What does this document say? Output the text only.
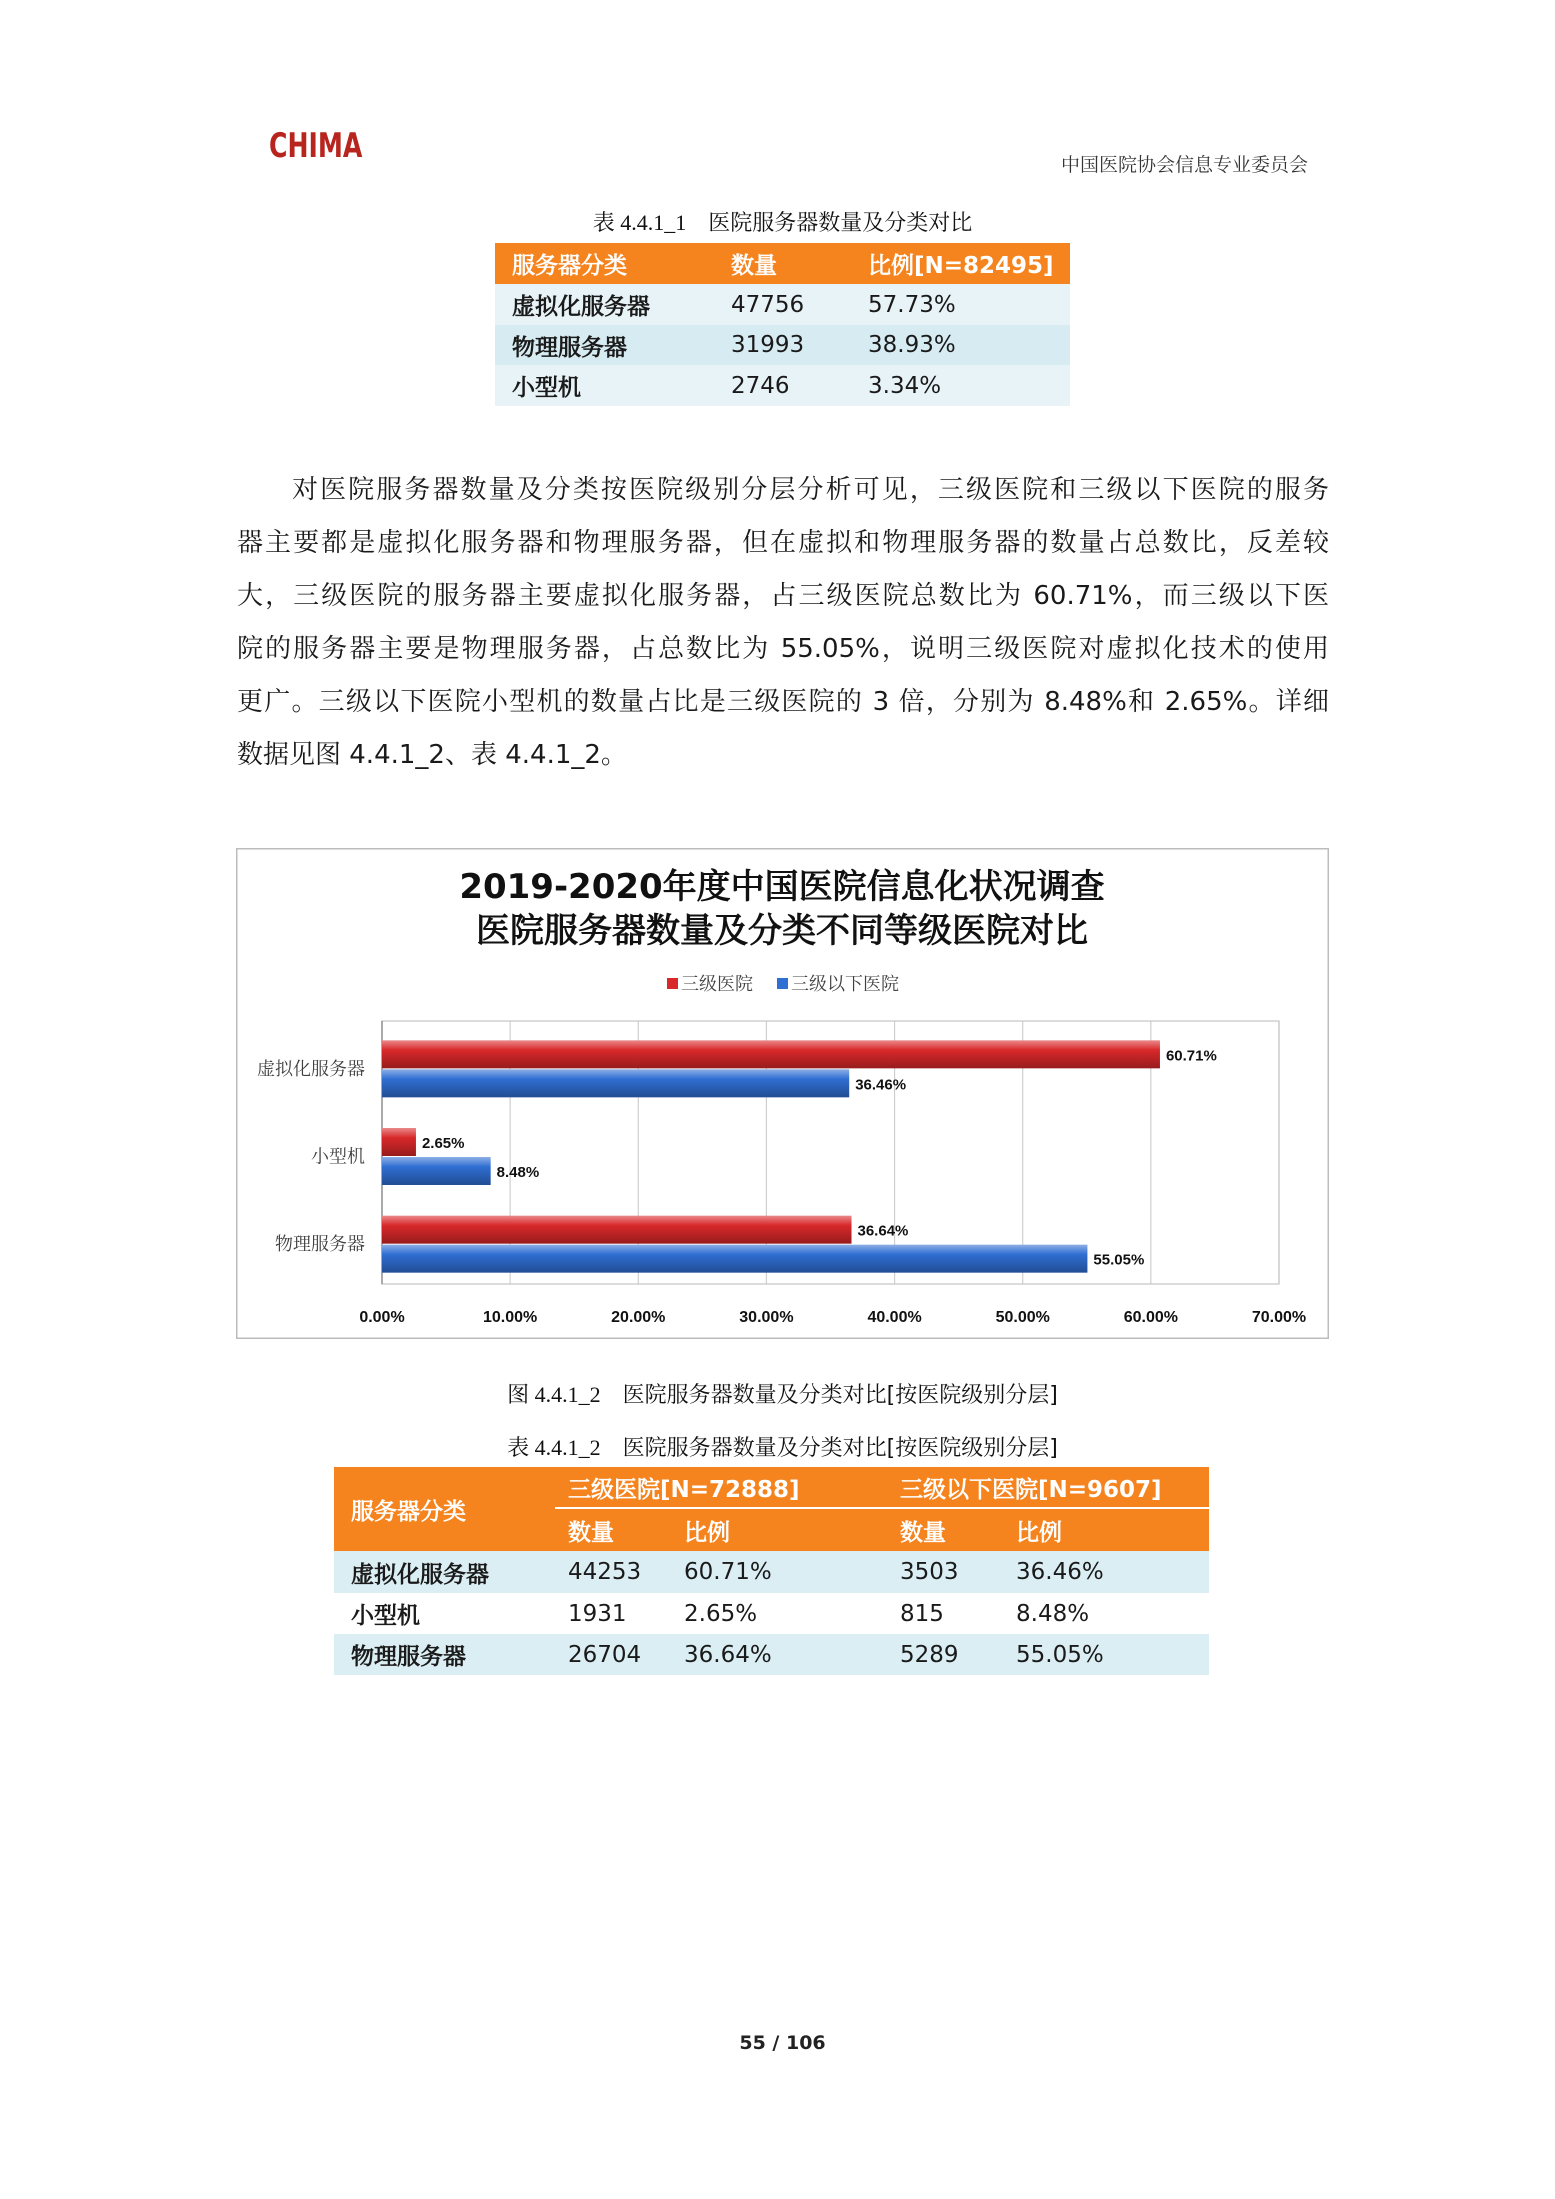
CHIMA	中国医院协会信息专业委员会
表 4.4.1_1 医院服务器数量及分类对比
服务器分类	数量	比例[N=82495]
虚拟化服务器	47756	57.73%
物理服务器	31993	38.93%
小型机	2746	3.34%
对医院服务器数量及分类按医院级别分层分析可见，三级医院和三级以下医院的服务
器主要都是虚拟化服务器和物理服务器，但在虚拟和物理服务器的数量占总数比，反差较
大，三级医院的服务器主要虚拟化服务器，占三级医院总数比为 60.71%，而三级以下医
院的服务器主要是物理服务器，占总数比为 55.05%，说明三级医院对虚拟化技术的使用
更广。三级以下医院小型机的数量占比是三级医院的 3 倍，分别为 8.48%和 2.65%。详细
数据见图 4.4.1_2、表 4.4.1_2。
2019-2020年度中国医院信息化状况调查
医院服务器数量及分类不同等级医院对比
三级医院 三级以下医院
0.00%	10.00%	20.00%	30.00%	40.00%	50.00%	60.00%	70.00%
虚拟化服务器
60.71%
36.46%
小型机
2.65%
8.48%
物理服务器
36.64%
55.05%
图 4.4.1_2 医院服务器数量及分类对比[按医院级别分层]
表 4.4.1_2 医院服务器数量及分类对比[按医院级别分层]
服务器分类
三级医院[N=72888]	三级以下医院[N=9607]
数量	比例	数量	比例
虚拟化服务器	44253	60.71%	3503	36.46%
小型机	1931	2.65%	815	8.48%
物理服务器	26704	36.64%	5289	55.05%
55 / 106
